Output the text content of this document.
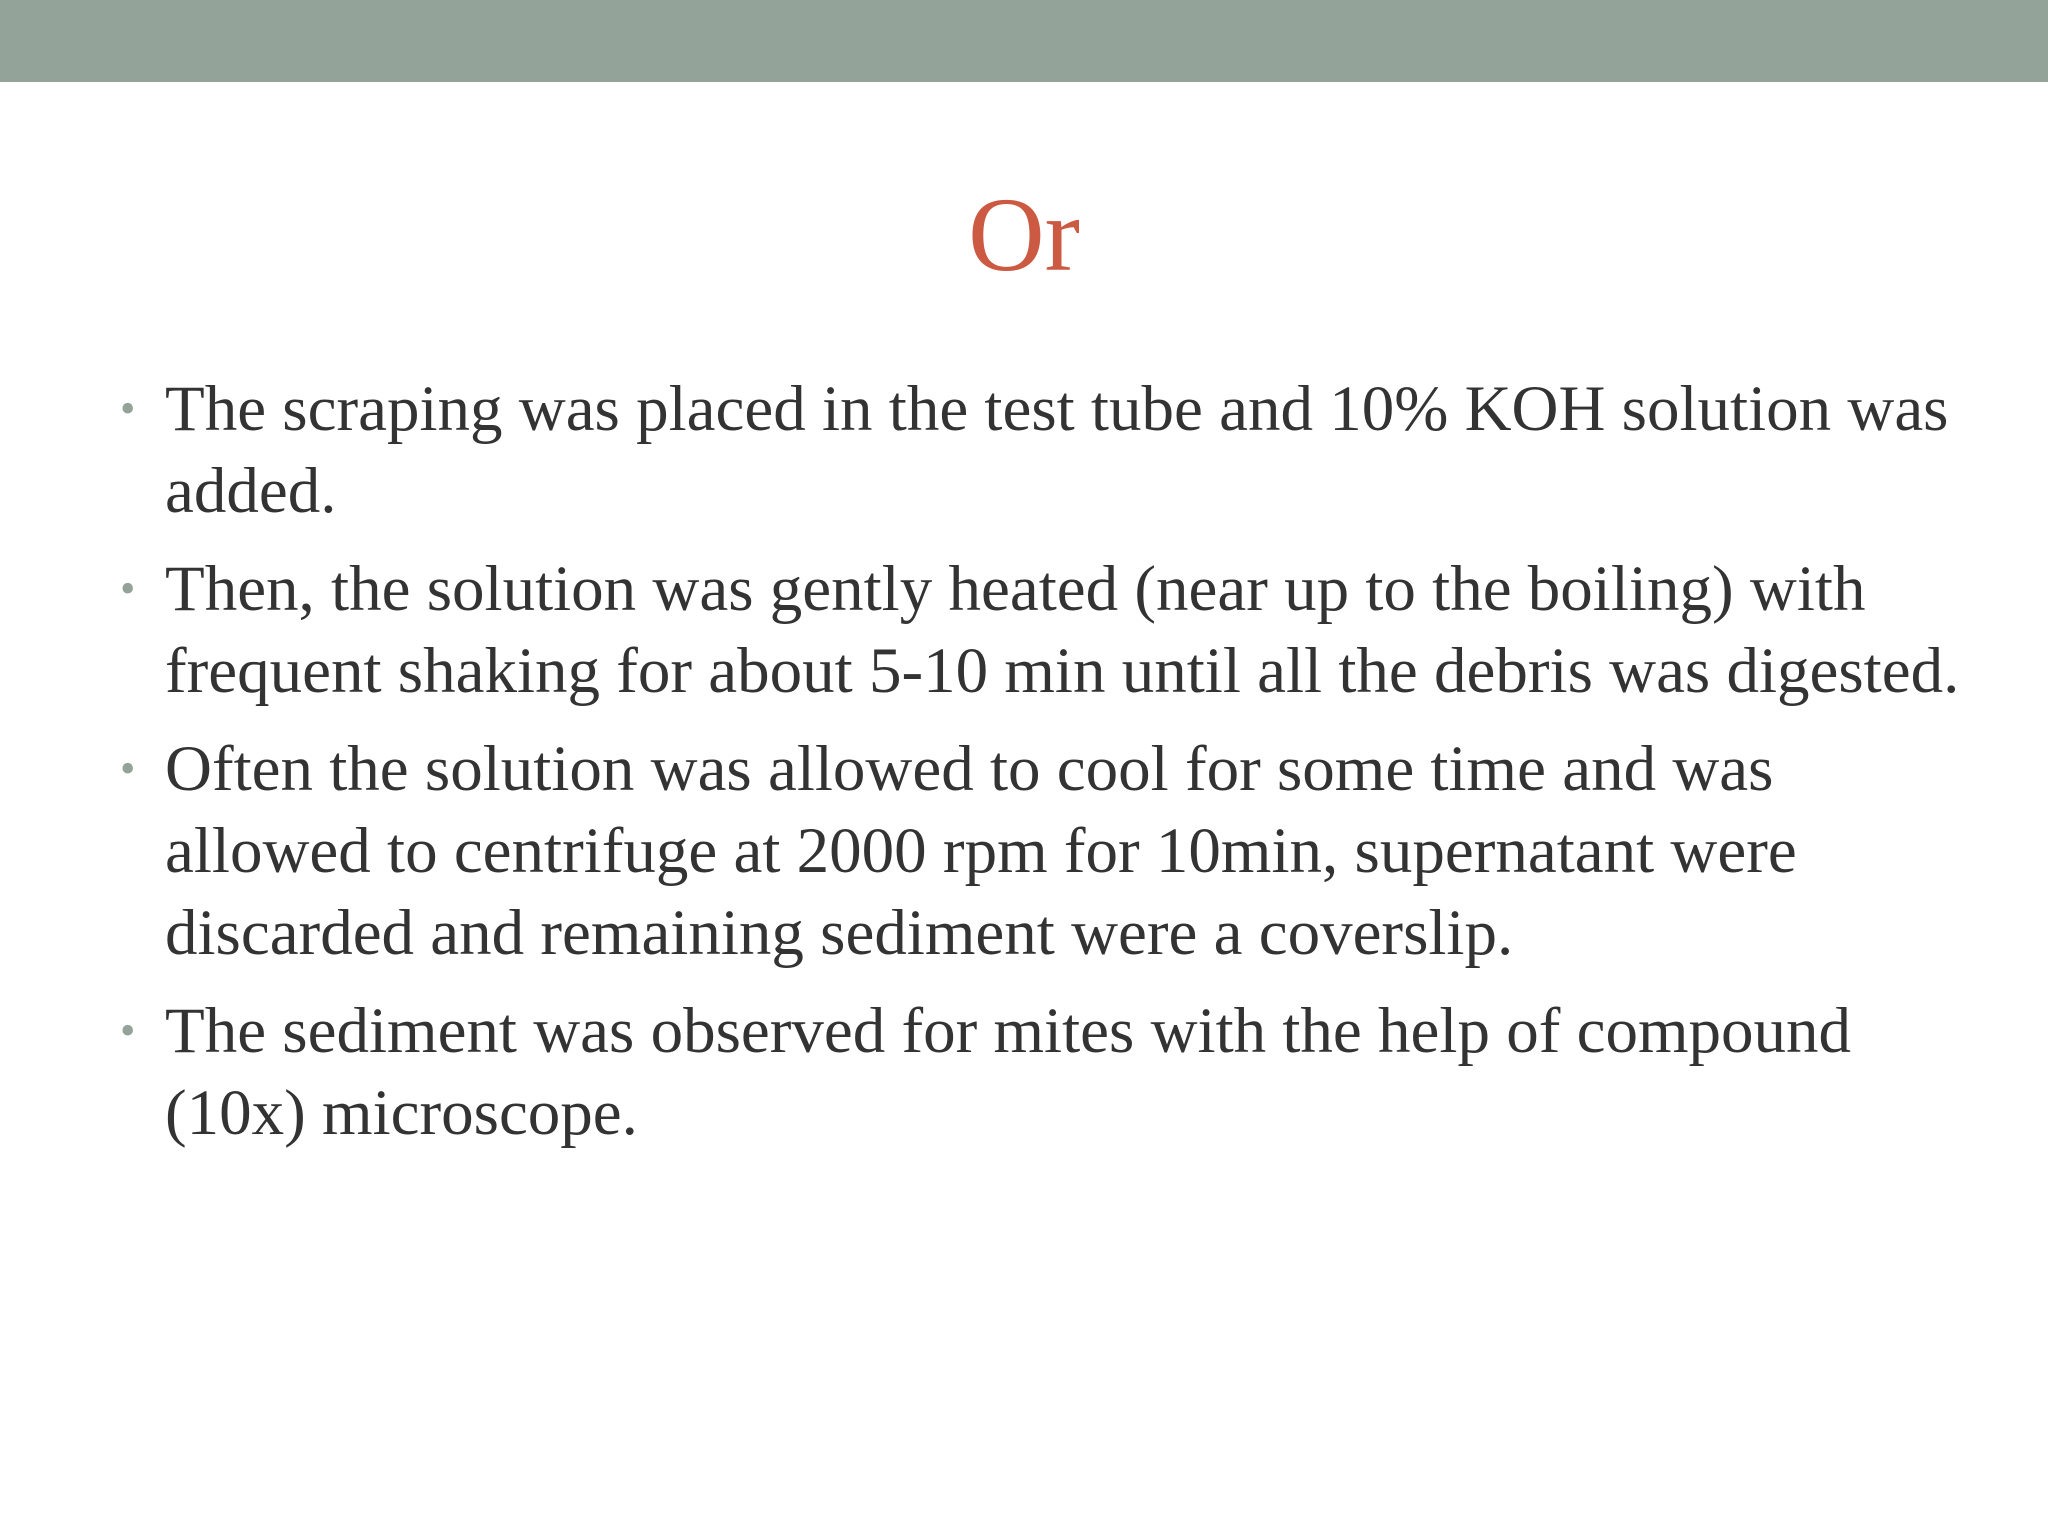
Or
• The scraping was placed in the test tube and 10% KOH solution was added.
• Then, the solution was gently heated (near up to the boiling) with frequent shaking for about 5-10 min until all the debris was digested.
• Often the solution was allowed to cool for some time and was allowed to centrifuge at 2000 rpm for 10min, supernatant were discarded and remaining sediment were a coverslip.
• The sediment was observed for mites with the help of compound (10x) microscope.
